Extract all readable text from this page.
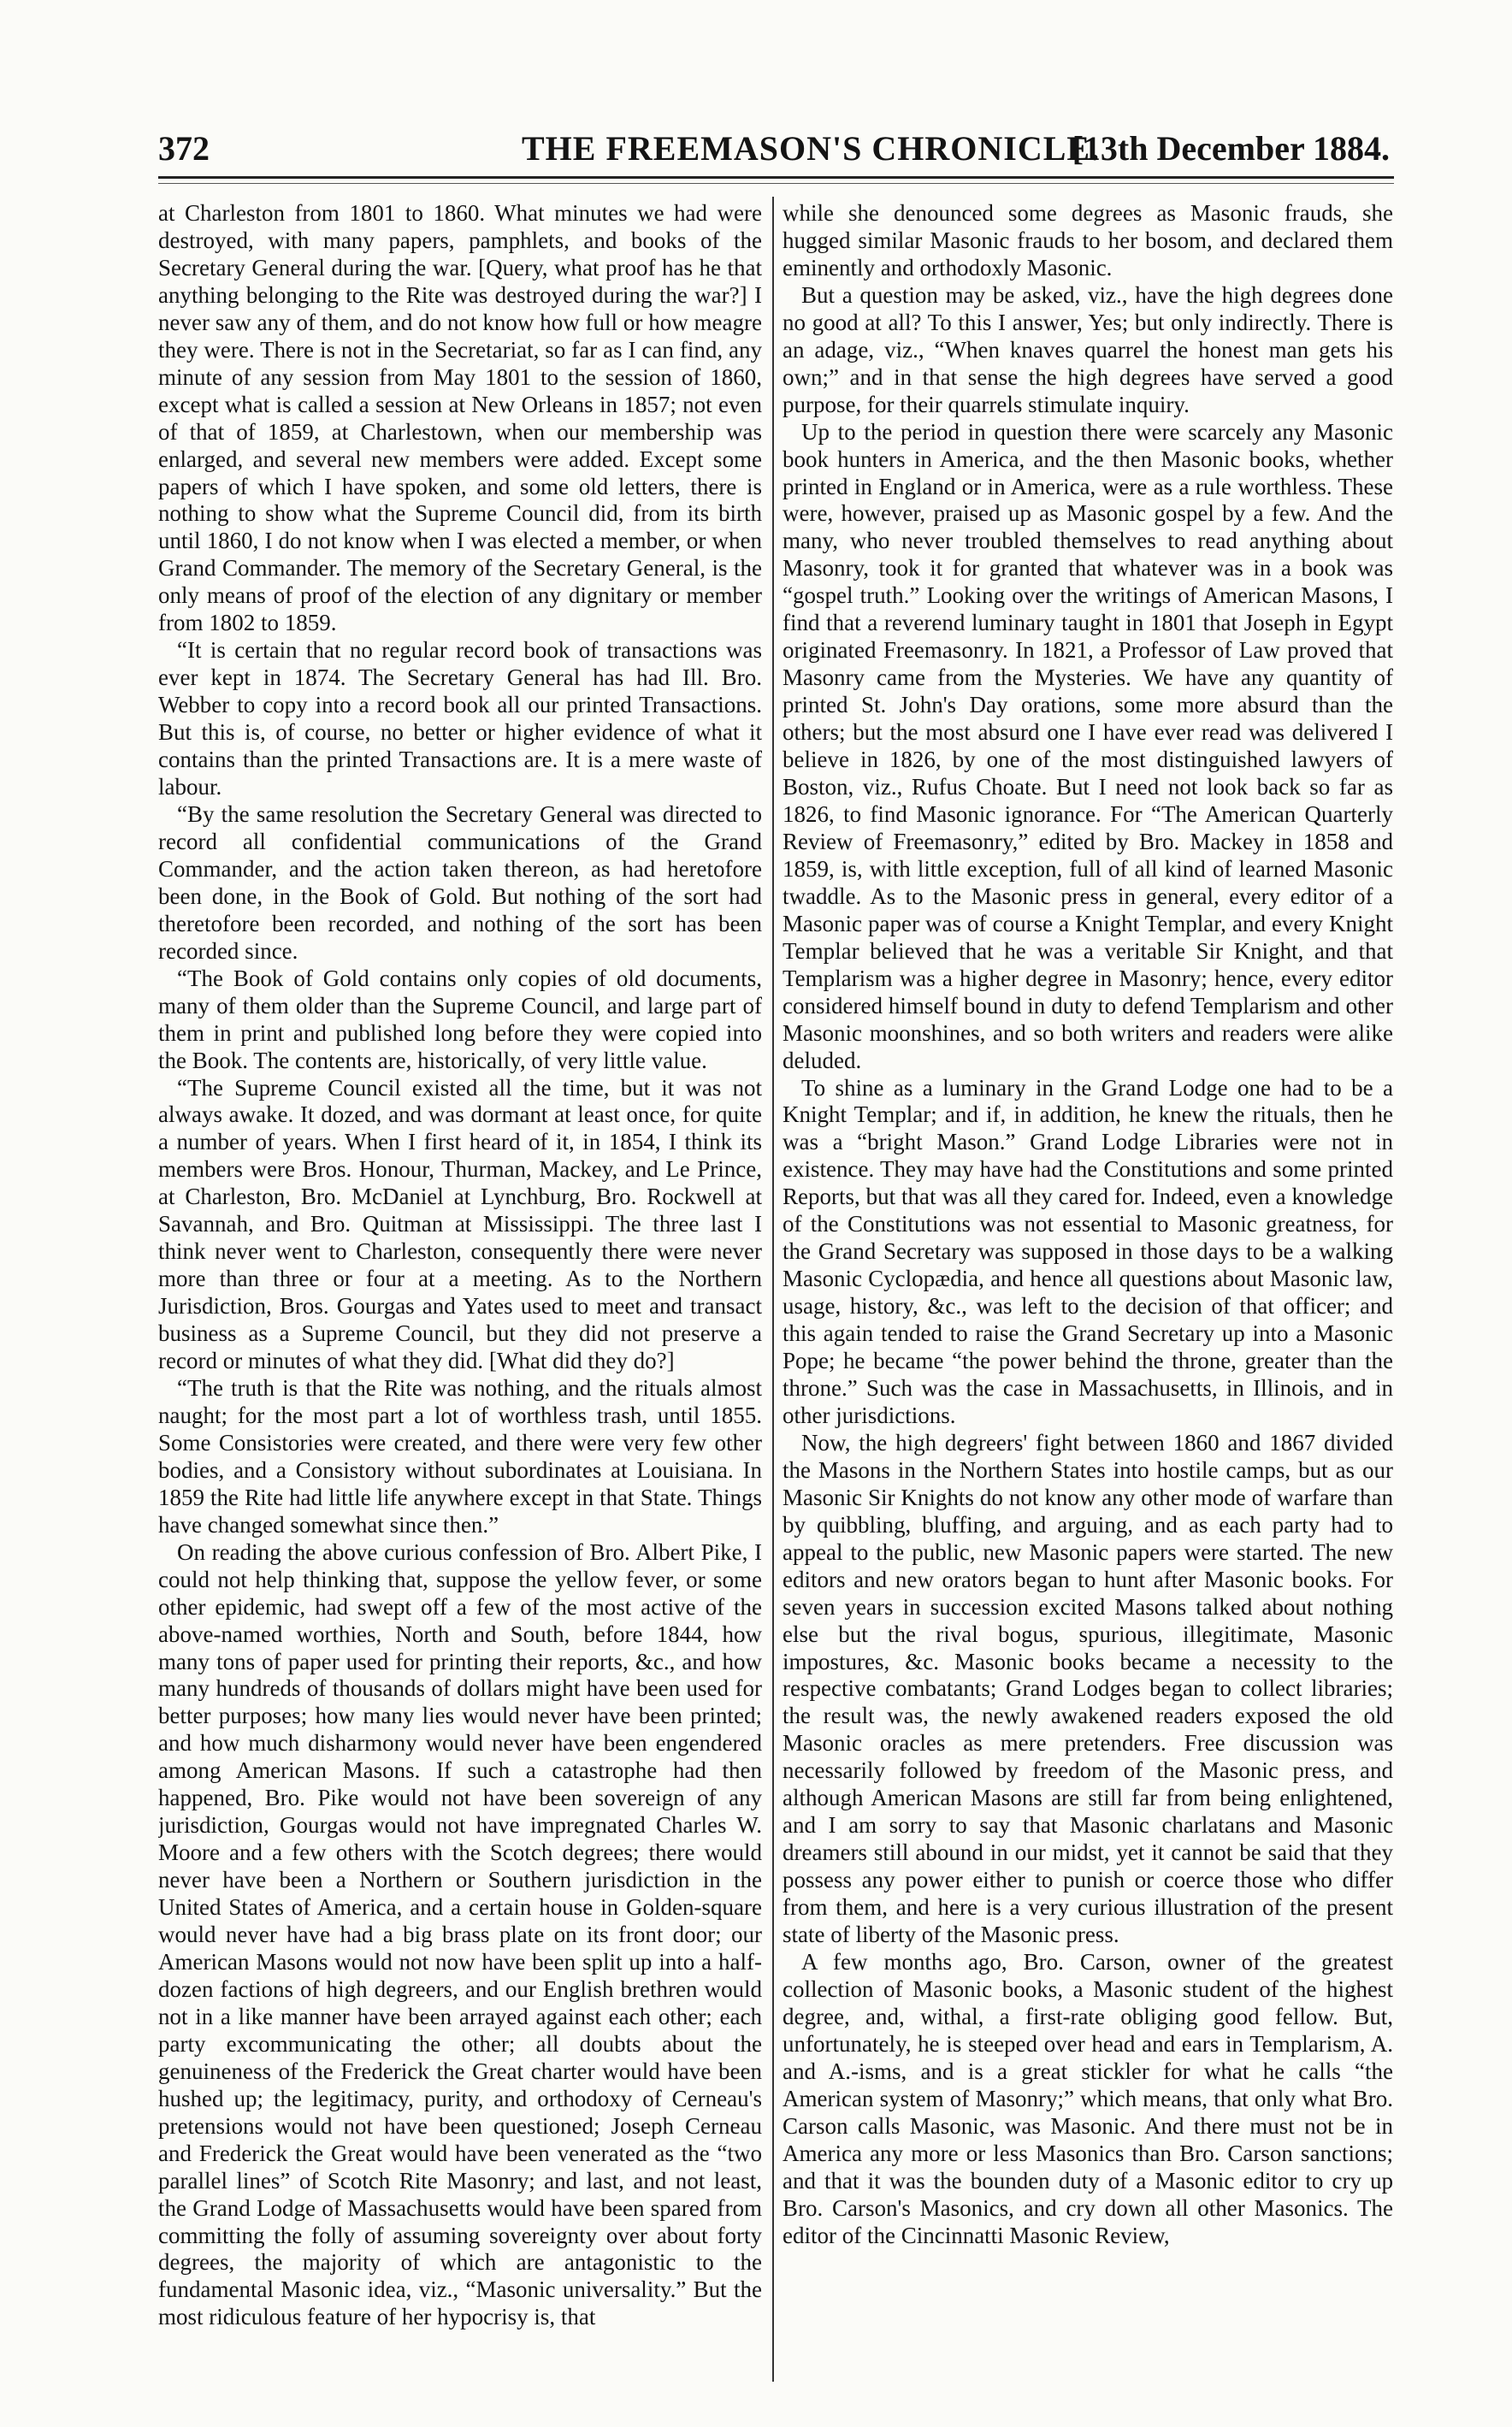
372	THE FREEMASON'S CHRONICLE.
[13th December 1884.

at Charleston from 1801 to 1860. What minutes we had were destroyed, with many papers, pamphlets, and books of the Secretary General during the war. [Query, what proof has he that anything belonging to the Rite was destroyed during the war?] I never saw any of them, and do not know how full or how meagre they were. There is not in the Secretariat, so far as I can find, any minute of any session from May 1801 to the session of 1860, except what is called a session at New Orleans in 1857; not even of that of 1859, at Charlestown, when our membership was enlarged, and several new members were added. Except some papers of which I have spoken, and some old letters, there is nothing to show what the Supreme Council did, from its birth until 1860, I do not know when I was elected a member, or when Grand Commander. The memory of the Secretary General, is the only means of proof of the election of any dignitary or member from 1802 to 1859.

“It is certain that no regular record book of transactions was ever kept in 1874. The Secretary General has had Ill. Bro. Webber to copy into a record book all our printed Transactions. But this is, of course, no better or higher evidence of what it contains than the printed Transactions are. It is a mere waste of labour.

“By the same resolution the Secretary General was directed to record all confidential communications of the Grand Commander, and the action taken thereon, as had heretofore been done, in the Book of Gold. But nothing of the sort had theretofore been recorded, and nothing of the sort has been recorded since.

“The Book of Gold contains only copies of old documents, many of them older than the Supreme Council, and large part of them in print and published long before they were copied into the Book. The contents are, historically, of very little value.

“The Supreme Council existed all the time, but it was not always awake. It dozed, and was dormant at least once, for quite a number of years. When I first heard of it, in 1854, I think its members were Bros. Honour, Thurman, Mackey, and Le Prince, at Charleston, Bro. McDaniel at Lynchburg, Bro. Rockwell at Savannah, and Bro. Quitman at Mississippi. The three last I think never went to Charleston, consequently there were never more than three or four at a meeting. As to the Northern Jurisdiction, Bros. Gourgas and Yates used to meet and transact business as a Supreme Council, but they did not preserve a record or minutes of what they did. [What did they do?]

“The truth is that the Rite was nothing, and the rituals almost naught; for the most part a lot of worthless trash, until 1855. Some Consistories were created, and there were very few other bodies, and a Consistory without subordinates at Louisiana. In 1859 the Rite had little life anywhere except in that State. Things have changed somewhat since then.”

On reading the above curious confession of Bro. Albert Pike, I could not help thinking that, suppose the yellow fever, or some other epidemic, had swept off a few of the most active of the above-named worthies, North and South, before 1844, how many tons of paper used for printing their reports, &c., and how many hundreds of thousands of dollars might have been used for better purposes; how many lies would never have been printed; and how much disharmony would never have been engendered among American Masons. If such a catastrophe had then happened, Bro. Pike would not have been sovereign of any jurisdiction, Gourgas would not have impregnated Charles W. Moore and a few others with the Scotch degrees; there would never have been a Northern or Southern jurisdiction in the United States of America, and a certain house in Golden-square would never have had a big brass plate on its front door; our American Masons would not now have been split up into a half-dozen factions of high degreers, and our English brethren would not in a like manner have been arrayed against each other; each party excommunicating the other; all doubts about the genuineness of the Frederick the Great charter would have been hushed up; the legitimacy, purity, and orthodoxy of Cerneau's pretensions would not have been questioned; Joseph Cerneau and Frederick the Great would have been venerated as the “two parallel lines” of Scotch Rite Masonry; and last, and not least, the Grand Lodge of Massachusetts would have been spared from committing the folly of assuming sovereignty over about forty degrees, the majority of which are antagonistic to the fundamental Masonic idea, viz., “Masonic universality.” But the most ridiculous feature of her hypocrisy is, that

while she denounced some degrees as Masonic frauds, she hugged similar Masonic frauds to her bosom, and declared them eminently and orthodoxly Masonic.

But a question may be asked, viz., have the high degrees done no good at all? To this I answer, Yes; but only indirectly. There is an adage, viz., “When knaves quarrel the honest man gets his own;” and in that sense the high degrees have served a good purpose, for their quarrels stimulate inquiry.

Up to the period in question there were scarcely any Masonic book hunters in America, and the then Masonic books, whether printed in England or in America, were as a rule worthless. These were, however, praised up as Masonic gospel by a few. And the many, who never troubled themselves to read anything about Masonry, took it for granted that whatever was in a book was “gospel truth.” Looking over the writings of American Masons, I find that a reverend luminary taught in 1801 that Joseph in Egypt originated Freemasonry. In 1821, a Professor of Law proved that Masonry came from the Mysteries. We have any quantity of printed St. John's Day orations, some more absurd than the others; but the most absurd one I have ever read was delivered I believe in 1826, by one of the most distinguished lawyers of Boston, viz., Rufus Choate. But I need not look back so far as 1826, to find Masonic ignorance. For “The American Quarterly Review of Freemasonry,” edited by Bro. Mackey in 1858 and 1859, is, with little exception, full of all kind of learned Masonic twaddle. As to the Masonic press in general, every editor of a Masonic paper was of course a Knight Templar, and every Knight Templar believed that he was a veritable Sir Knight, and that Templarism was a higher degree in Masonry; hence, every editor considered himself bound in duty to defend Templarism and other Masonic moonshines, and so both writers and readers were alike deluded.

To shine as a luminary in the Grand Lodge one had to be a Knight Templar; and if, in addition, he knew the rituals, then he was a “bright Mason.” Grand Lodge Libraries were not in existence. They may have had the Constitutions and some printed Reports, but that was all they cared for. Indeed, even a knowledge of the Constitutions was not essential to Masonic greatness, for the Grand Secretary was supposed in those days to be a walking Masonic Cyclopædia, and hence all questions about Masonic law, usage, history, &c., was left to the decision of that officer; and this again tended to raise the Grand Secretary up into a Masonic Pope; he became “the power behind the throne, greater than the throne.” Such was the case in Massachusetts, in Illinois, and in other jurisdictions.

Now, the high degreers' fight between 1860 and 1867 divided the Masons in the Northern States into hostile camps, but as our Masonic Sir Knights do not know any other mode of warfare than by quibbling, bluffing, and arguing, and as each party had to appeal to the public, new Masonic papers were started. The new editors and new orators began to hunt after Masonic books. For seven years in succession excited Masons talked about nothing else but the rival bogus, spurious, illegitimate, Masonic impostures, &c. Masonic books became a necessity to the respective combatants; Grand Lodges began to collect libraries; the result was, the newly awakened readers exposed the old Masonic oracles as mere pretenders. Free discussion was necessarily followed by freedom of the Masonic press, and although American Masons are still far from being enlightened, and I am sorry to say that Masonic charlatans and Masonic dreamers still abound in our midst, yet it cannot be said that they possess any power either to punish or coerce those who differ from them, and here is a very curious illustration of the present state of liberty of the Masonic press.

A few months ago, Bro. Carson, owner of the greatest collection of Masonic books, a Masonic student of the highest degree, and, withal, a first-rate obliging good fellow. But, unfortunately, he is steeped over head and ears in Templarism, A. and A.-isms, and is a great stickler for what he calls “the American system of Masonry;” which means, that only what Bro. Carson calls Masonic, was Masonic. And there must not be in America any more or less Masonics than Bro. Carson sanctions; and that it was the bounden duty of a Masonic editor to cry up Bro. Carson's Masonics, and cry down all other Masonics. The editor of the Cincinnatti Masonic Review,
